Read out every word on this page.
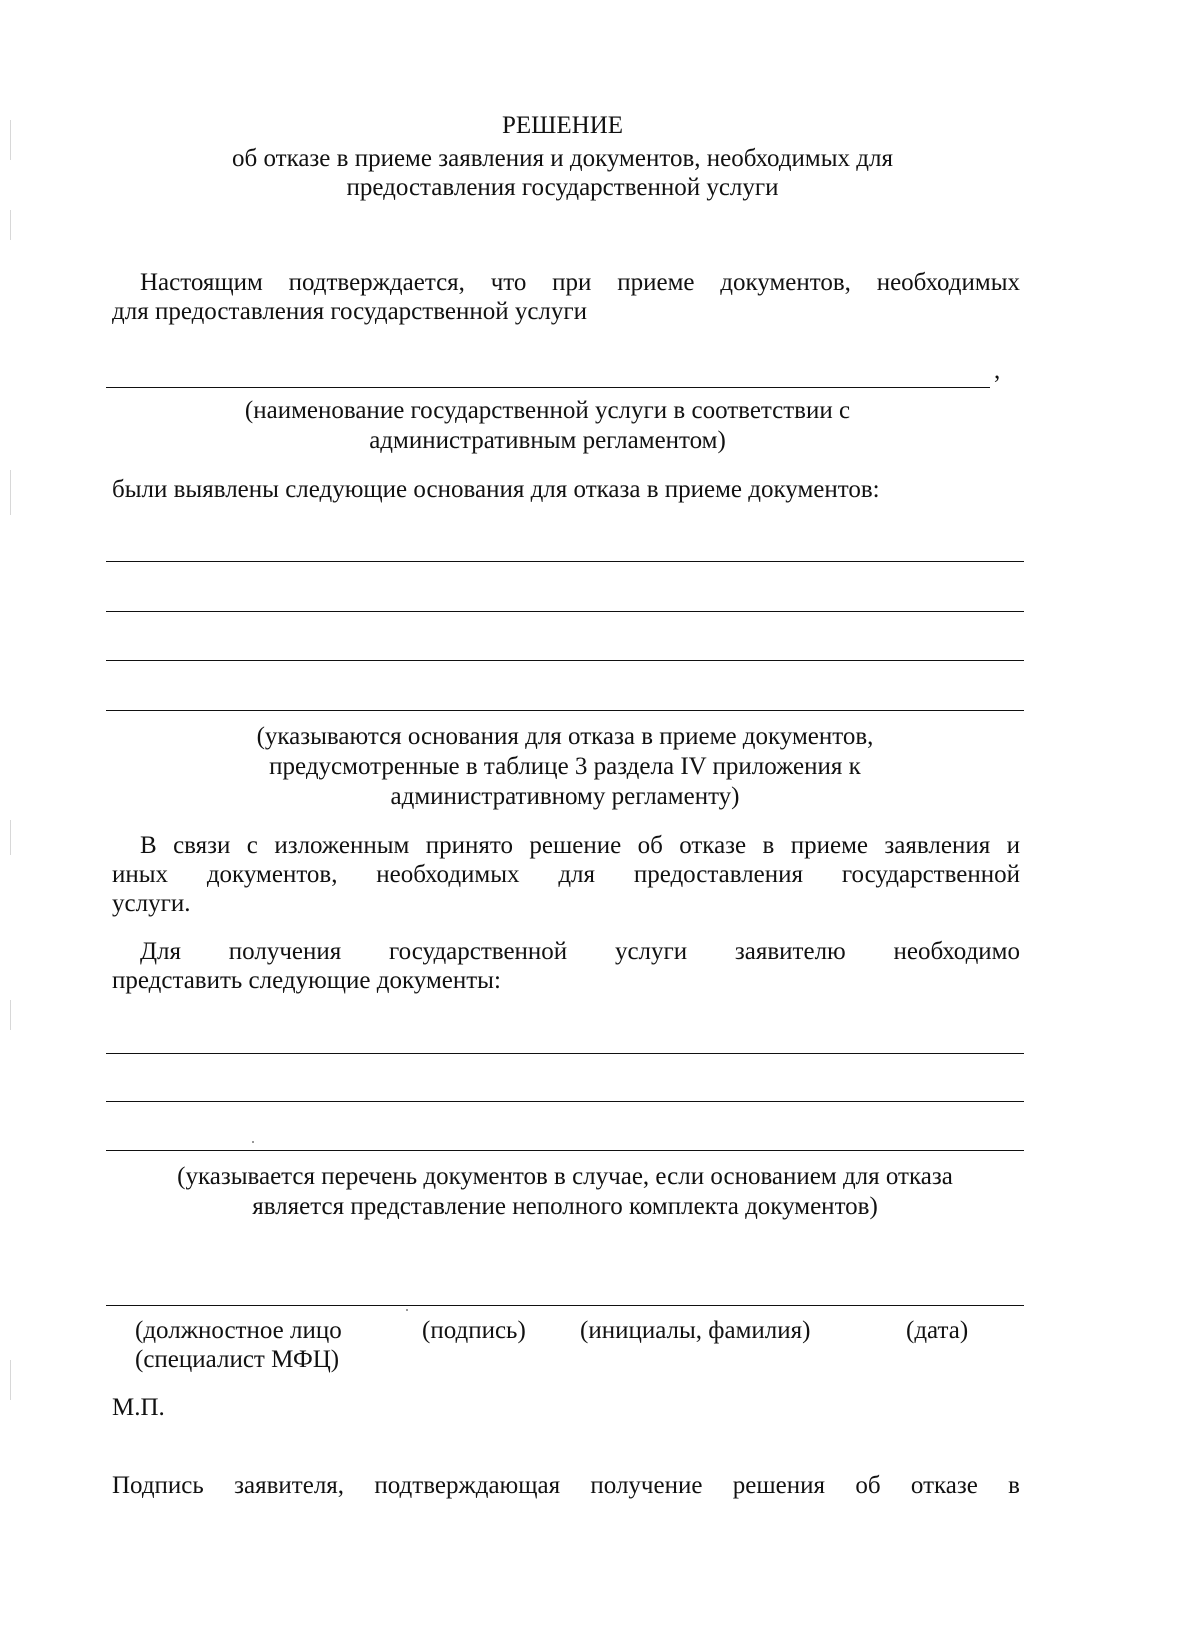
РЕШЕНИЕ
об отказе в приеме заявления и документов, необходимых для
предоставления государственной услуги
Настоящим подтверждается, что при приеме документов, необходимых
для предоставления государственной услуги
,
(наименование государственной услуги в соответствии с
административным регламентом)
были выявлены следующие основания для отказа в приеме документов:
(указываются основания для отказа в приеме документов,
предусмотренные в таблице 3 раздела IV приложения к
административному регламенту)
В связи с изложенным принято решение об отказе в приеме заявления и
иных документов, необходимых для предоставления государственной
услуги.
Для получения государственной услуги заявителю необходимо
представить следующие документы:
(указывается перечень документов в случае, если основанием для отказа
является представление неполного комплекта документов)
(должностное лицо
(специалист МФЦ)
(подпись) (инициалы, фамилия)	(дата)
М.П.
Подпись заявителя, подтверждающая получение решения об отказе в
